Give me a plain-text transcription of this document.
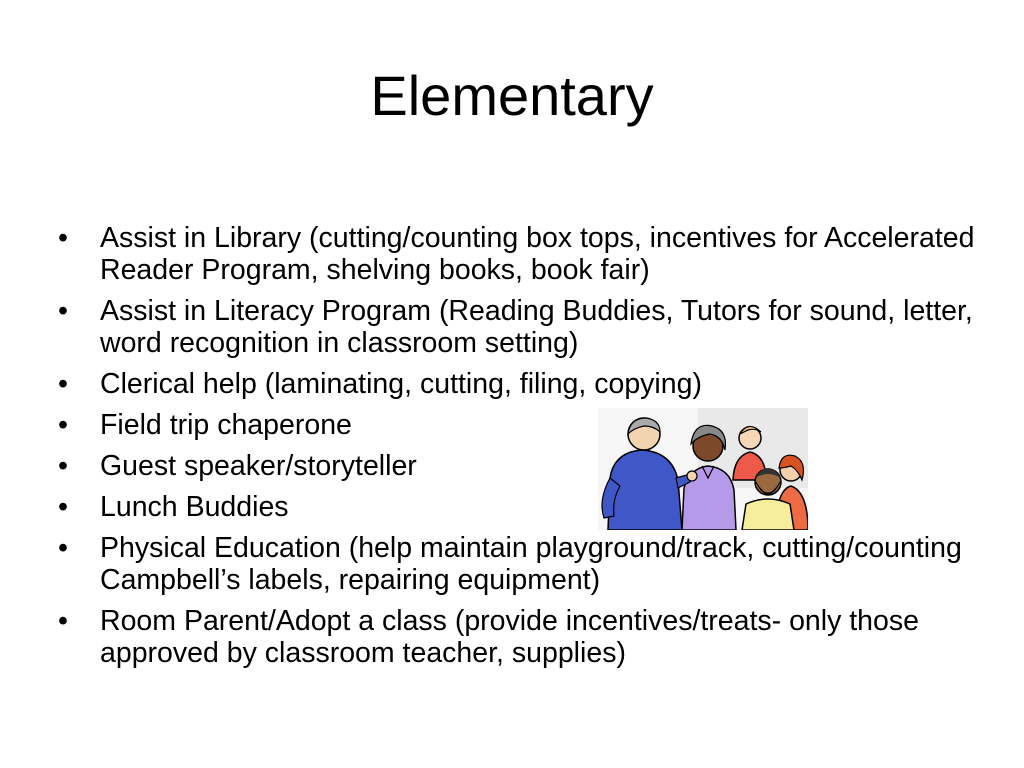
Elementary
• Assist in Library (cutting/counting box tops, incentives for Accelerated Reader Program, shelving books, book fair)
• Assist in Literacy Program (Reading Buddies, Tutors for sound, letter, word recognition in classroom setting)
• Clerical help (laminating, cutting, filing, copying)
• Field trip chaperone
• Guest speaker/storyteller
• Lunch Buddies
• Physical Education (help maintain playground/track, cutting/counting Campbell’s labels, repairing equipment)
• Room Parent/Adopt a class (provide incentives/treats- only those approved by classroom teacher, supplies)
